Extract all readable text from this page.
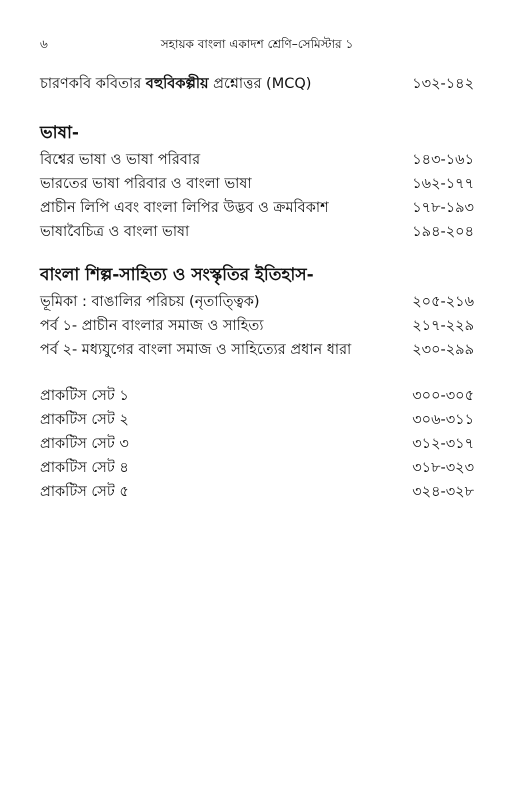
৬	সহায়ক বাংলা একাদশ শ্রেণি–সেমিস্টার ১
চারণকবি কবিতার বহুবিকল্পীয় প্রশ্নোত্তর (MCQ)	১৩২-১৪২
ভাষা-
বিশ্বের ভাষা ও ভাষা পরিবার	১৪৩-১৬১
ভারতের ভাষা পরিবার ও বাংলা ভাষা	১৬২-১৭৭
প্রাচীন লিপি এবং বাংলা লিপির উদ্ভব ও ক্রমবিকাশ	১৭৮-১৯৩
ভাষাবৈচিত্র ও বাংলা ভাষা	১৯৪-২০৪
বাংলা শিল্প-সাহিত্য ও সংস্কৃতির ইতিহাস-
ভূমিকা : বাঙালির পরিচয় (নৃতাত্ত্বিক)	২০৫-২১৬
পর্ব ১- প্রাচীন বাংলার সমাজ ও সাহিত্য	২১৭-২২৯
পর্ব ২- মধ্যযুগের বাংলা সমাজ ও সাহিত্যের প্রধান ধারা	২৩০-২৯৯
প্রাকটিস সেট ১	৩০০-৩০৫
প্রাকটিস সেট ২	৩০৬-৩১১
প্রাকটিস সেট ৩	৩১২-৩১৭
প্রাকটিস সেট ৪	৩১৮-৩২৩
প্রাকটিস সেট ৫	৩২৪-৩২৮
